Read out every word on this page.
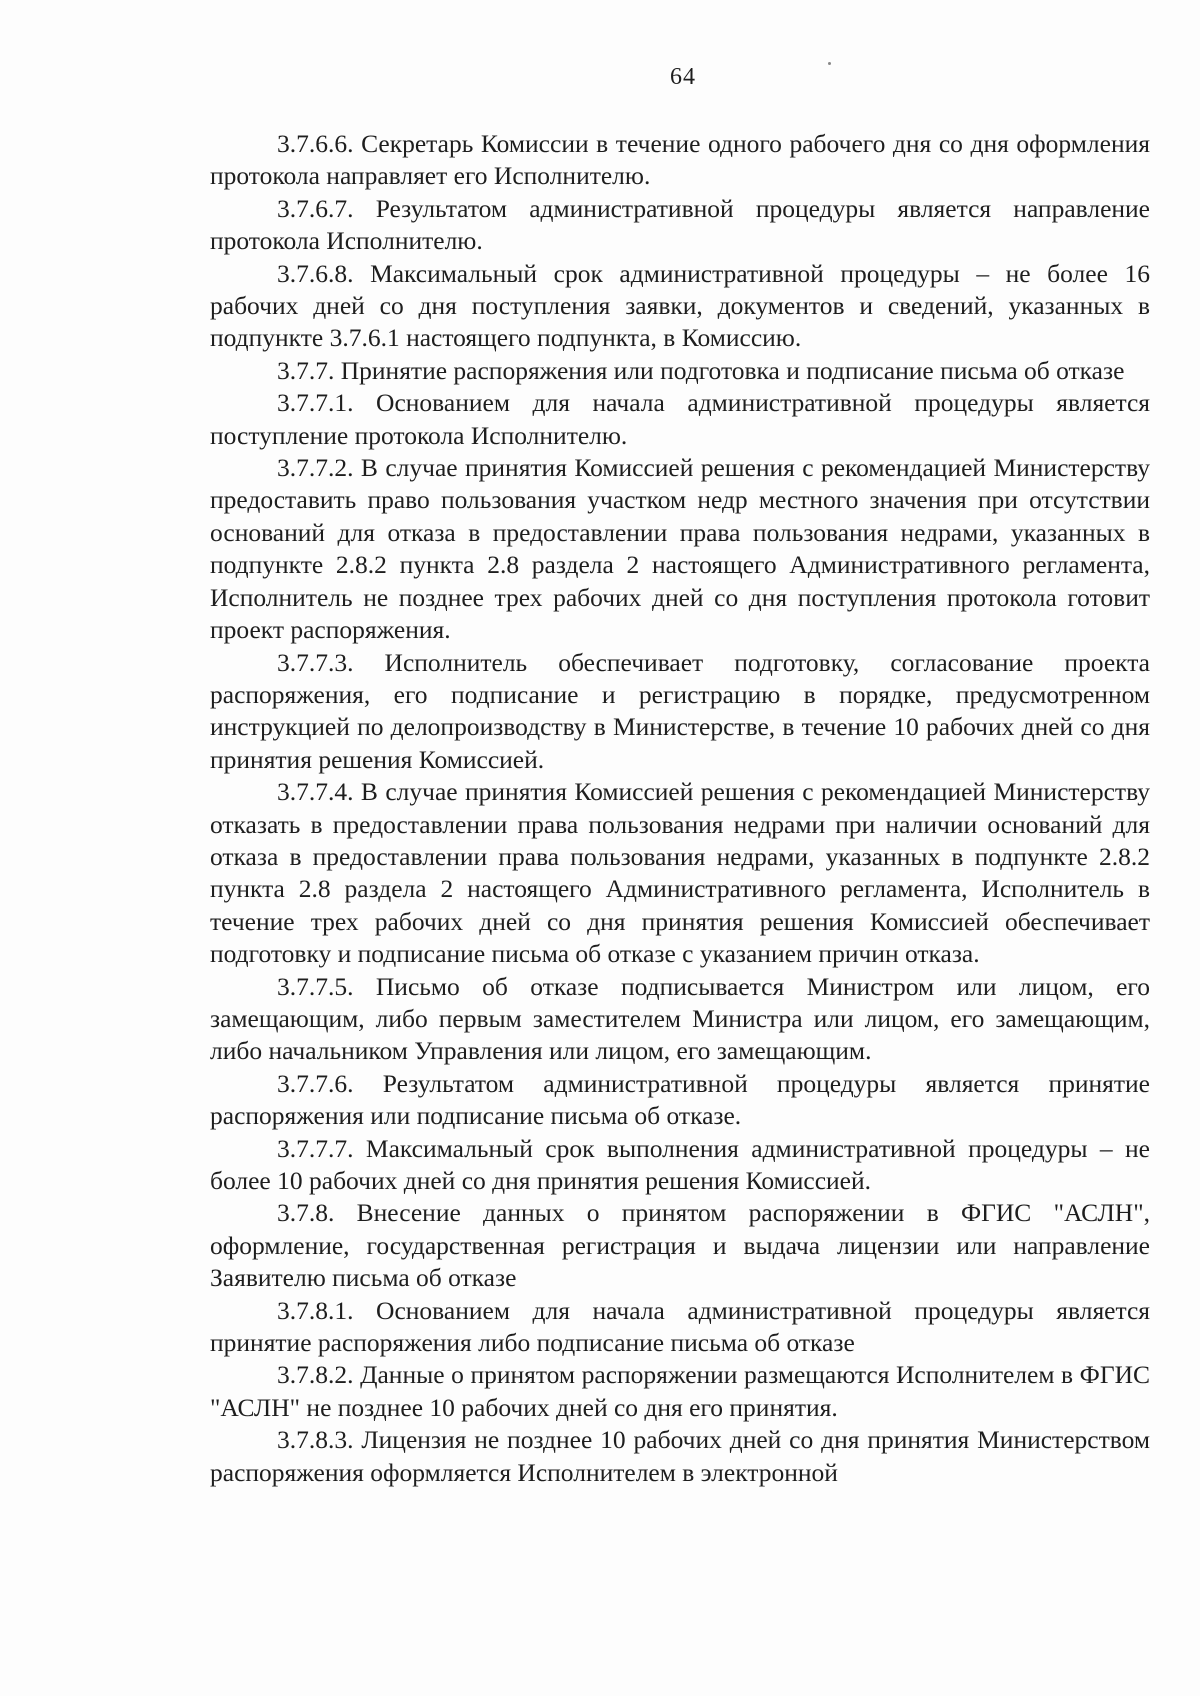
64

3.7.6.6. Секретарь Комиссии в течение одного рабочего дня со дня оформления протокола направляет его Исполнителю.

3.7.6.7. Результатом административной процедуры является направление протокола Исполнителю.

3.7.6.8. Максимальный срок административной процедуры – не более 16 рабочих дней со дня поступления заявки, документов и сведений, указанных в подпункте 3.7.6.1 настоящего подпункта, в Комиссию.

3.7.7. Принятие распоряжения или подготовка и подписание письма об отказе

3.7.7.1. Основанием для начала административной процедуры является поступление протокола Исполнителю.

3.7.7.2. В случае принятия Комиссией решения с рекомендацией Министерству предоставить право пользования участком недр местного значения при отсутствии оснований для отказа в предоставлении права пользования недрами, указанных в подпункте 2.8.2 пункта 2.8 раздела 2 настоящего Административного регламента, Исполнитель не позднее трех рабочих дней со дня поступления протокола готовит проект распоряжения.

3.7.7.3. Исполнитель обеспечивает подготовку, согласование проекта распоряжения, его подписание и регистрацию в порядке, предусмотренном инструкцией по делопроизводству в Министерстве, в течение 10 рабочих дней со дня принятия решения Комиссией.

3.7.7.4. В случае принятия Комиссией решения с рекомендацией Министерству отказать в предоставлении права пользования недрами при наличии оснований для отказа в предоставлении права пользования недрами, указанных в подпункте 2.8.2 пункта 2.8 раздела 2 настоящего Административного регламента, Исполнитель в течение трех рабочих дней со дня принятия решения Комиссией обеспечивает подготовку и подписание письма об отказе с указанием причин отказа.

3.7.7.5. Письмо об отказе подписывается Министром или лицом, его замещающим, либо первым заместителем Министра или лицом, его замещающим, либо начальником Управления или лицом, его замещающим.

3.7.7.6. Результатом административной процедуры является принятие распоряжения или подписание письма об отказе.

3.7.7.7. Максимальный срок выполнения административной процедуры – не более 10 рабочих дней со дня принятия решения Комиссией.

3.7.8. Внесение данных о принятом распоряжении в ФГИС "АСЛН", оформление, государственная регистрация и выдача лицензии или направление Заявителю письма об отказе

3.7.8.1. Основанием для начала административной процедуры является принятие распоряжения либо подписание письма об отказе

3.7.8.2. Данные о принятом распоряжении размещаются Исполнителем в ФГИС "АСЛН" не позднее 10 рабочих дней со дня его принятия.

3.7.8.3. Лицензия не позднее 10 рабочих дней со дня принятия Министерством распоряжения оформляется Исполнителем в электронной
